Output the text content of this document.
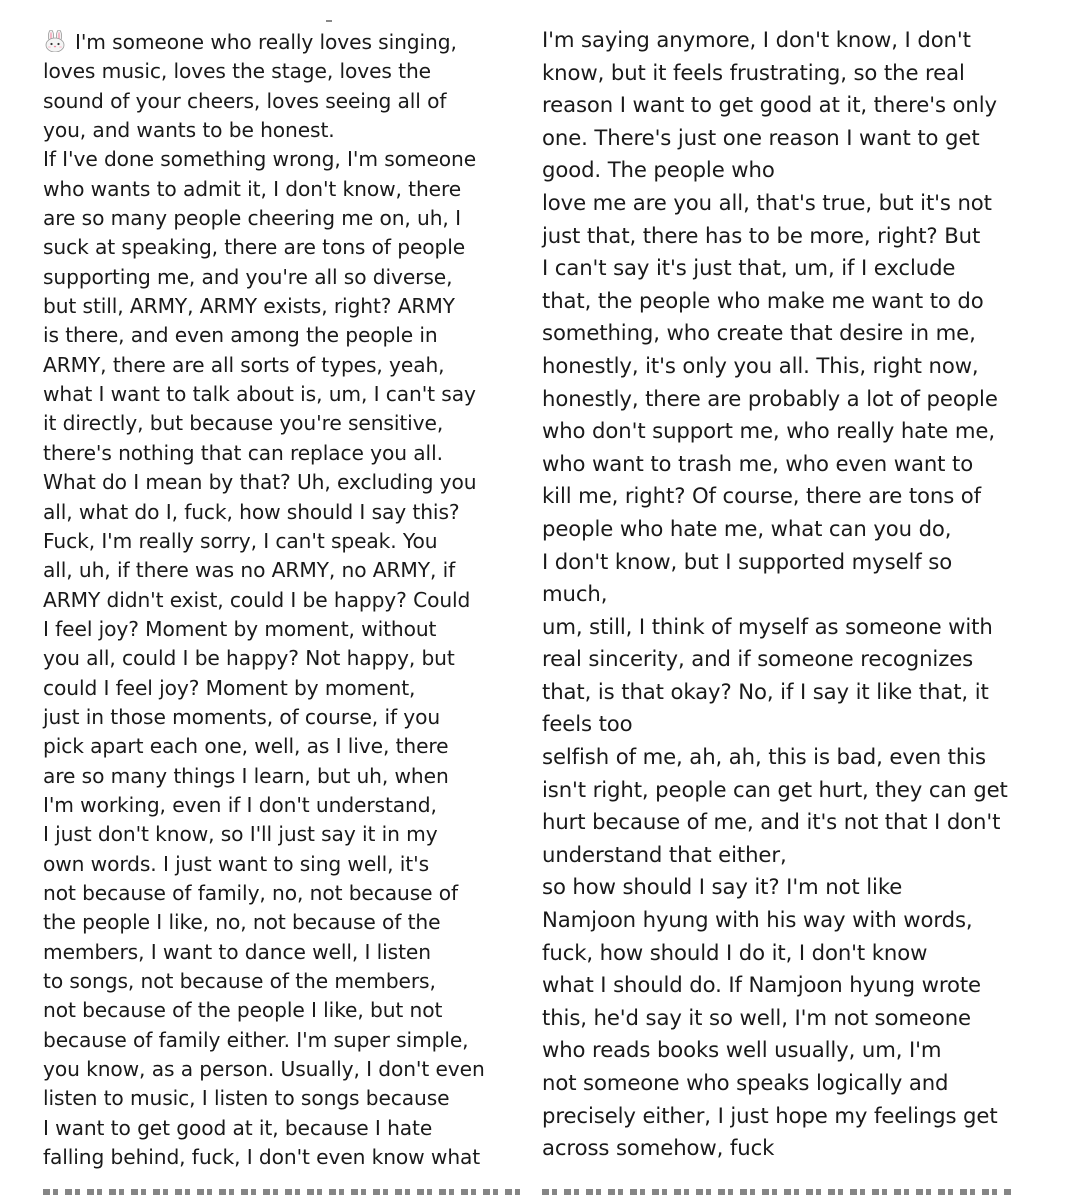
I'm someone who really loves singing,
loves music, loves the stage, loves the
sound of your cheers, loves seeing all of
you, and wants to be honest.
If I've done something wrong, I'm someone
who wants to admit it, I don't know, there
are so many people cheering me on, uh, I
suck at speaking, there are tons of people
supporting me, and you're all so diverse,
but still, ARMY, ARMY exists, right? ARMY
is there, and even among the people in
ARMY, there are all sorts of types, yeah,
what I want to talk about is, um, I can't say
it directly, but because you're sensitive,
there's nothing that can replace you all.
What do I mean by that? Uh, excluding you
all, what do I, fuck, how should I say this?
Fuck, I'm really sorry, I can't speak. You
all, uh, if there was no ARMY, no ARMY, if
ARMY didn't exist, could I be happy? Could
I feel joy? Moment by moment, without
you all, could I be happy? Not happy, but
could I feel joy? Moment by moment,
just in those moments, of course, if you
pick apart each one, well, as I live, there
are so many things I learn, but uh, when
I'm working, even if I don't understand,
I just don't know, so I'll just say it in my
own words. I just want to sing well, it's
not because of family, no, not because of
the people I like, no, not because of the
members, I want to dance well, I listen
to songs, not because of the members,
not because of the people I like, but not
because of family either. I'm super simple,
you know, as a person. Usually, I don't even
listen to music, I listen to songs because
I want to get good at it, because I hate
falling behind, fuck, I don't even know what
I'm saying anymore, I don't know, I don't
know, but it feels frustrating, so the real
reason I want to get good at it, there's only
one. There's just one reason I want to get
good. The people who
love me are you all, that's true, but it's not
just that, there has to be more, right? But
I can't say it's just that, um, if I exclude
that, the people who make me want to do
something, who create that desire in me,
honestly, it's only you all. This, right now,
honestly, there are probably a lot of people
who don't support me, who really hate me,
who want to trash me, who even want to
kill me, right? Of course, there are tons of
people who hate me, what can you do,
I don't know, but I supported myself so
much,
um, still, I think of myself as someone with
real sincerity, and if someone recognizes
that, is that okay? No, if I say it like that, it
feels too
selfish of me, ah, ah, this is bad, even this
isn't right, people can get hurt, they can get
hurt because of me, and it's not that I don't
understand that either,
so how should I say it? I'm not like
Namjoon hyung with his way with words,
fuck, how should I do it, I don't know
what I should do. If Namjoon hyung wrote
this, he'd say it so well, I'm not someone
who reads books well usually, um, I'm
not someone who speaks logically and
precisely either, I just hope my feelings get
across somehow, fuck
